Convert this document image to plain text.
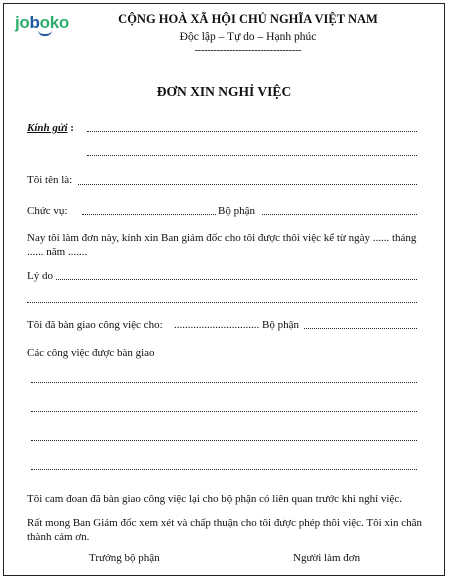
joboko	CỘNG HOÀ XÃ HỘI CHỦ NGHĨA VIỆT NAM
Độc lập – Tự do – Hạnh phúc
----------------------------------
ĐƠN XIN NGHỈ VIỆC
Kính gửi :
Tôi tên là:
Chức vụ:	Bộ phận
Nay tôi làm đơn này, kính xin Ban giám đốc cho tôi được thôi việc kể từ ngày ...... tháng
...... năm .......
Lý do
Tôi đã bàn giao công việc cho: ............................... Bộ phận
Các công việc được bàn giao
Tôi cam đoan đã bàn giao công việc lại cho bộ phận có liên quan trước khi nghỉ việc.
Rất mong Ban Giám đốc xem xét và chấp thuận cho tôi được phép thôi việc. Tôi xin chân
thành cảm ơn.
Trưởng bộ phận	Người làm đơn
